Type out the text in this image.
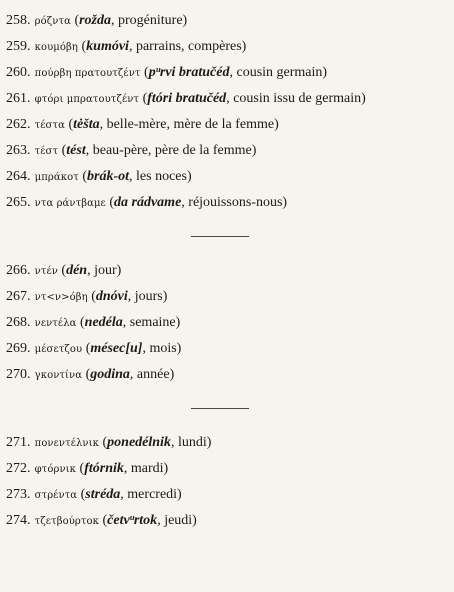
258. ρόζντα (rožda, progéniture)
259. κουμόβη (kumóvi, parrains, compères)
260. πούρβη πρατουτζέντ (pᵘrvi bratučéd, cousin germain)
261. φτόρι μπρατουτζέντ (ftóri bratučéd, cousin issu de germain)
262. τέστα (tėšta, belle-mère, mère de la femme)
263. τέστ (tést, beau-père, père de la femme)
264. μπράκοτ (brák-ot, les noces)
265. ντα ράντβαμε (da rádvame, réjouissons-nous)
266. ντέν (dén, jour)
267. ντ<ν>όβη (dnóvi, jours)
268. νεντέλα (nedéla, semaine)
269. μέσετζου (mésec[u], mois)
270. γκοντίνα (godina, année)
271. πονεντέλνικ (ponedélnik, lundi)
272. φτόρνικ (ftórnik, mardi)
273. στρέντα (stréda, mercredi)
274. τζετβούρτοκ (četvᵘrtok, jeudi)
